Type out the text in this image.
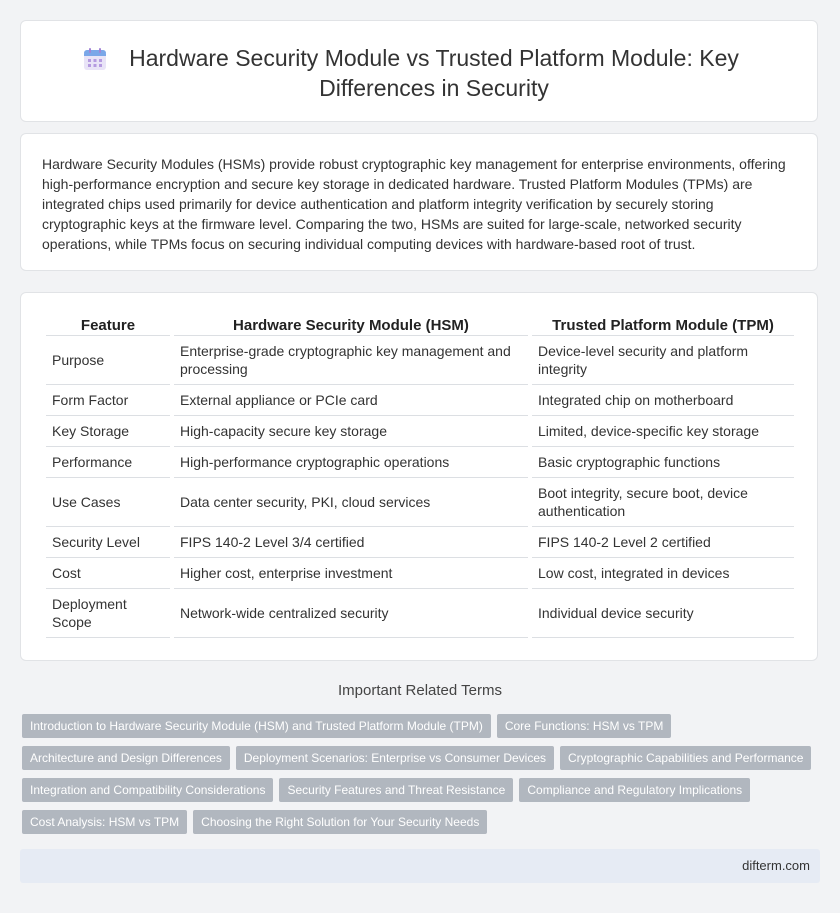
Hardware Security Module vs Trusted Platform Module: Key Differences in Security
Hardware Security Modules (HSMs) provide robust cryptographic key management for enterprise environments, offering high-performance encryption and secure key storage in dedicated hardware. Trusted Platform Modules (TPMs) are integrated chips used primarily for device authentication and platform integrity verification by securely storing cryptographic keys at the firmware level. Comparing the two, HSMs are suited for large-scale, networked security operations, while TPMs focus on securing individual computing devices with hardware-based root of trust.
Feature	Hardware Security Module (HSM)	Trusted Platform Module (TPM)
Purpose	Enterprise-grade cryptographic key management and processing	Device-level security and platform integrity
Form Factor	External appliance or PCIe card	Integrated chip on motherboard
Key Storage	High-capacity secure key storage	Limited, device-specific key storage
Performance	High-performance cryptographic operations	Basic cryptographic functions
Use Cases	Data center security, PKI, cloud services	Boot integrity, secure boot, device authentication
Security Level	FIPS 140-2 Level 3/4 certified	FIPS 140-2 Level 2 certified
Cost	Higher cost, enterprise investment	Low cost, integrated in devices
Deployment Scope	Network-wide centralized security	Individual device security
Important Related Terms
Introduction to Hardware Security Module (HSM) and Trusted Platform Module (TPM) Core Functions: HSM vs TPM
Architecture and Design Differences Deployment Scenarios: Enterprise vs Consumer Devices Cryptographic Capabilities and Performance
Integration and Compatibility Considerations Security Features and Threat Resistance Compliance and Regulatory Implications
Cost Analysis: HSM vs TPM Choosing the Right Solution for Your Security Needs
difterm.com
